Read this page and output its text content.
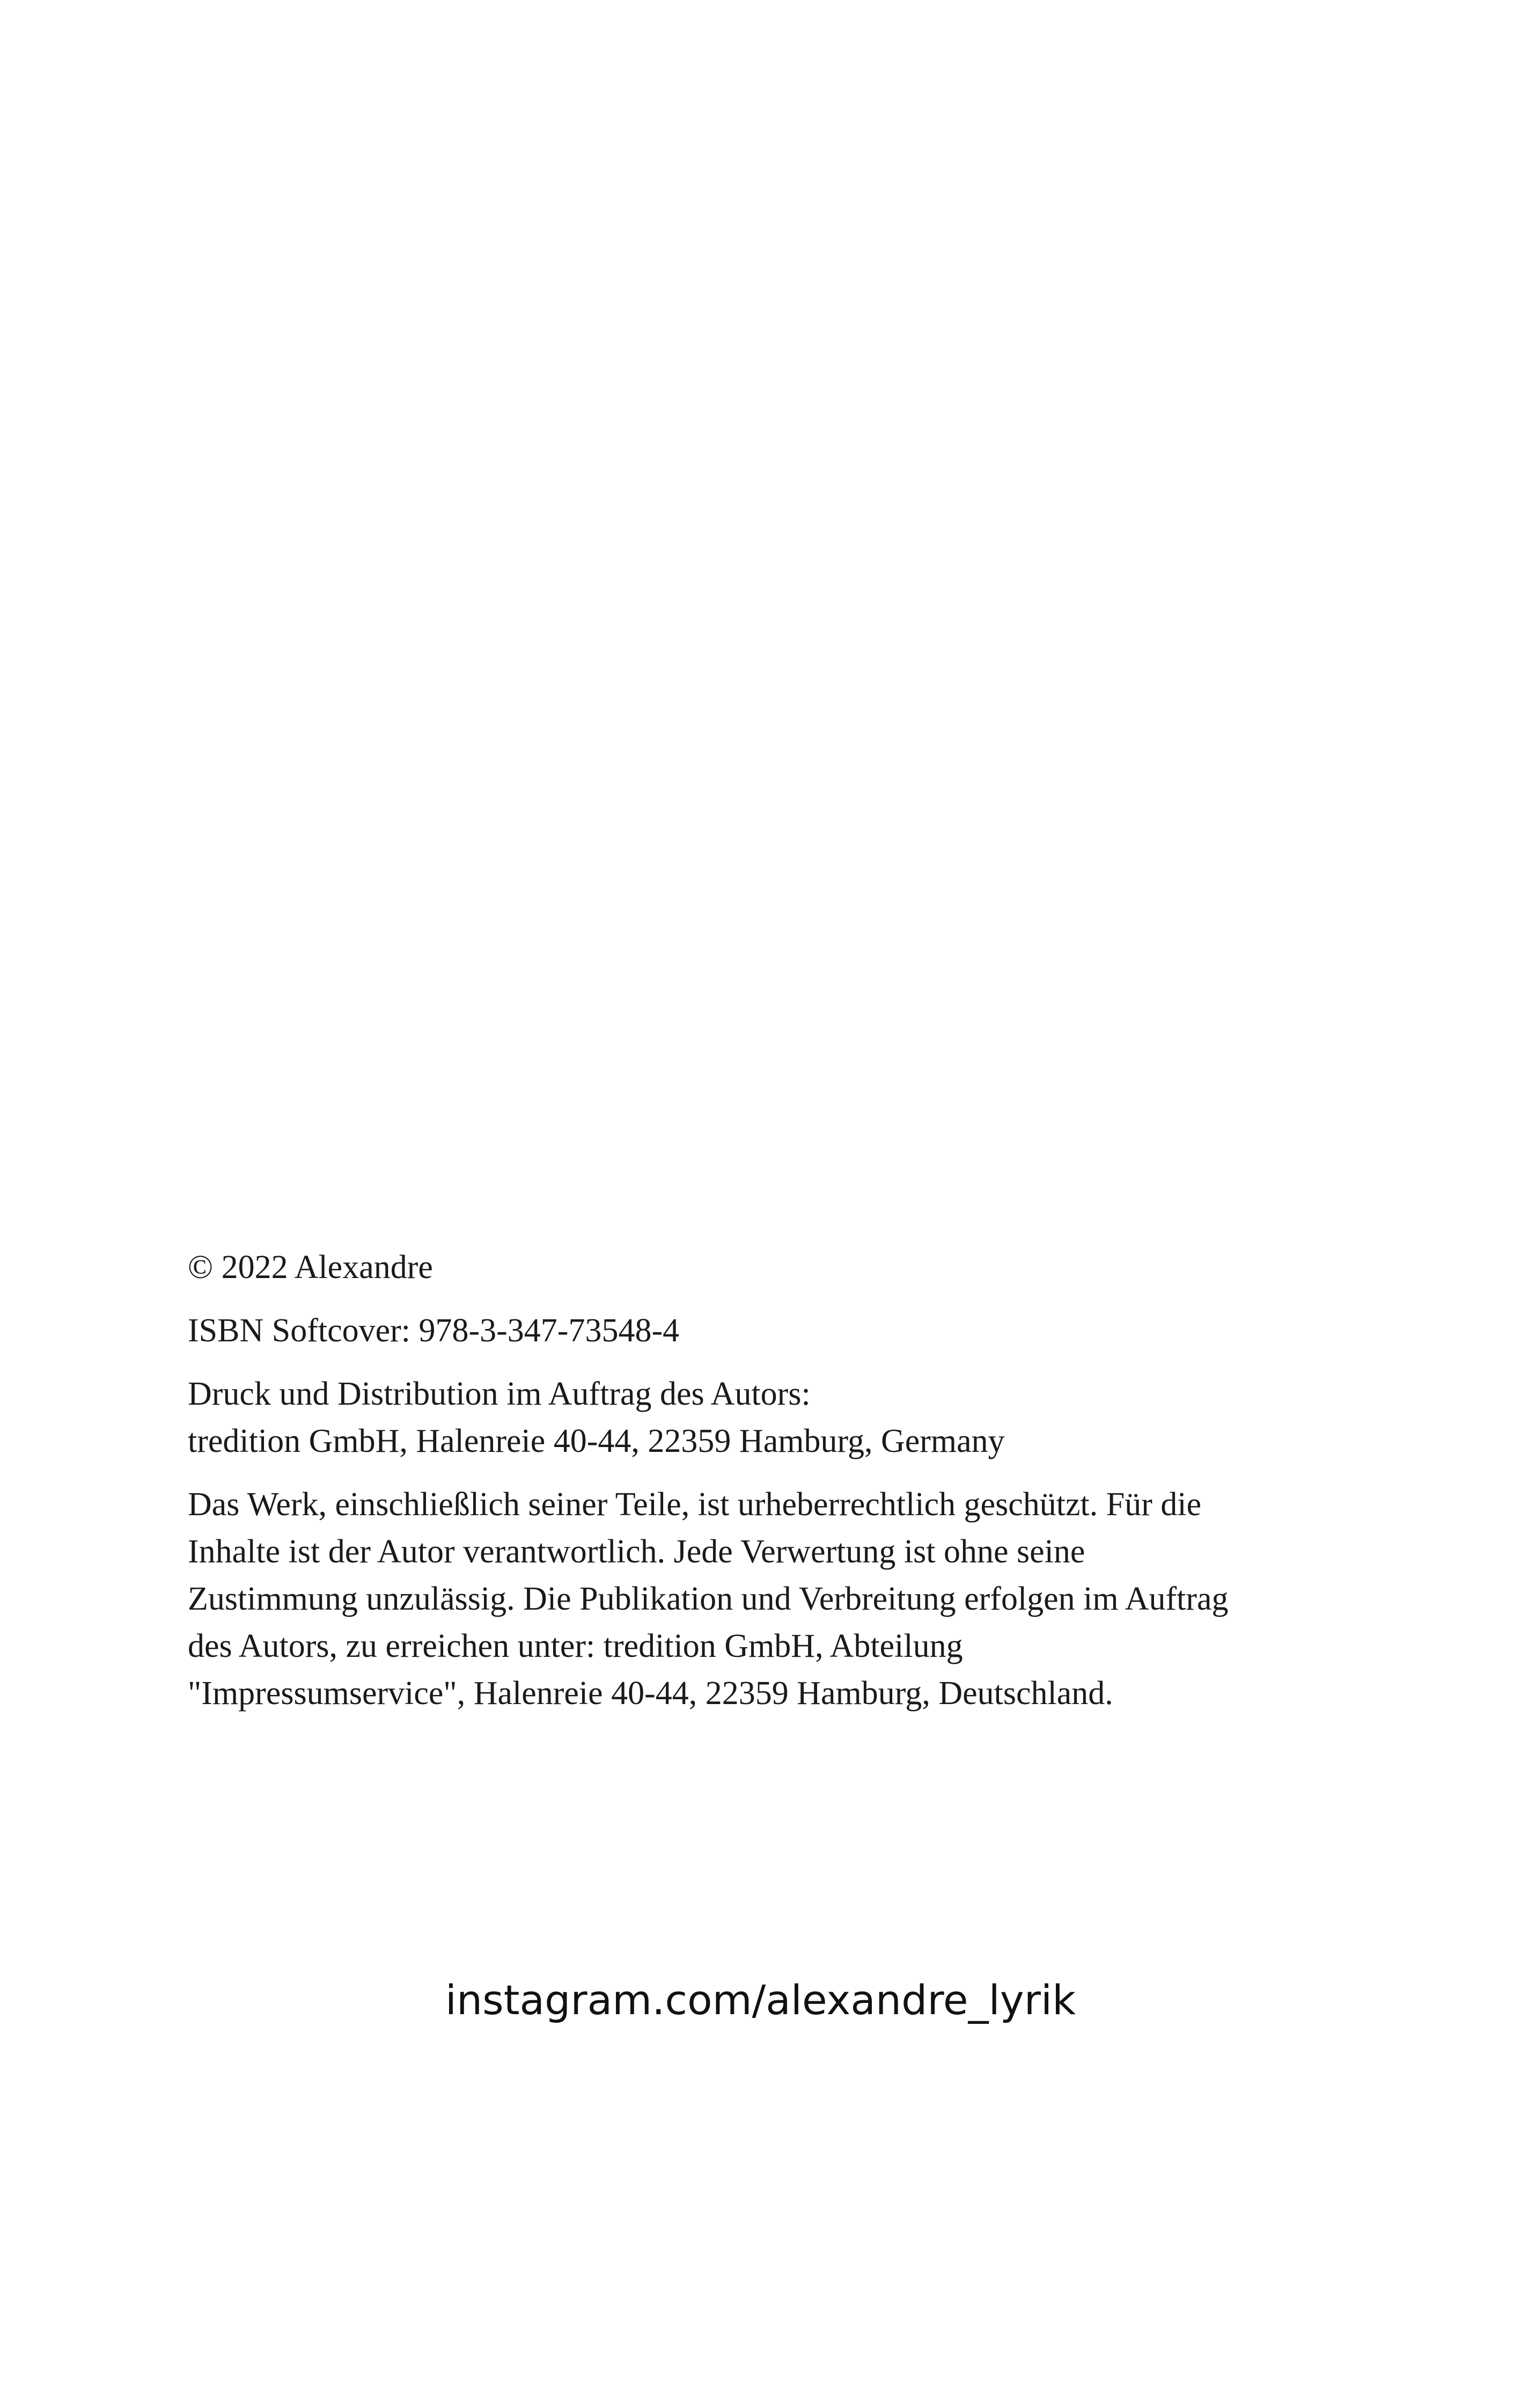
© 2022 Alexandre

ISBN Softcover: 978-3-347-73548-4

Druck und Distribution im Auftrag des Autors:
tredition GmbH, Halenreie 40-44, 22359 Hamburg, Germany

Das Werk, einschließlich seiner Teile, ist urheberrechtlich geschützt. Für die
Inhalte ist der Autor verantwortlich. Jede Verwertung ist ohne seine
Zustimmung unzulässig. Die Publikation und Verbreitung erfolgen im Auftrag
des Autors, zu erreichen unter: tredition GmbH, Abteilung
"Impressumservice", Halenreie 40-44, 22359 Hamburg, Deutschland.

instagram.com/alexandre_lyrik
